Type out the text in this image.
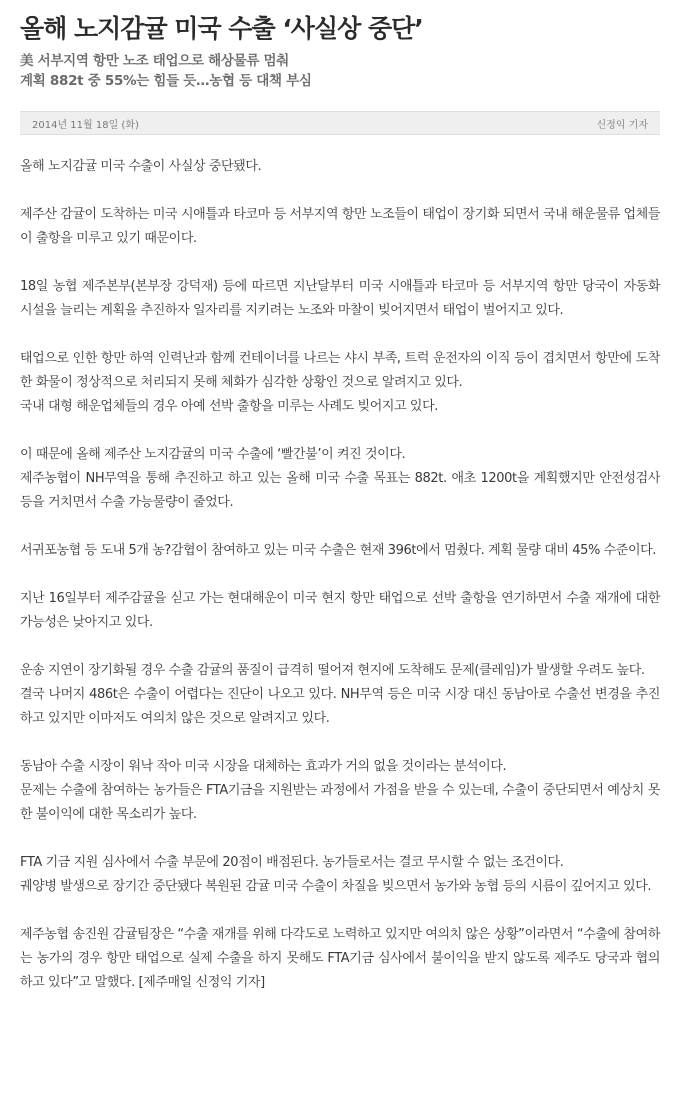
올해 노지감귤 미국 수출 ‘사실상 중단’
美 서부지역 항만 노조 태업으로 해상물류 멈춰
계획 882t 중 55%는 힘들 듯…농협 등 대책 부심
2014년 11월 18일 (화)	신정익 기자

올해 노지감귤 미국 수출이 사실상 중단됐다.

제주산 감귤이 도착하는 미국 시애틀과 타코마 등 서부지역 항만 노조들이 태업이 장기화 되면서 국내 해운물류 업체들이 출항을 미루고 있기 때문이다.

18일 농협 제주본부(본부장 강덕재) 등에 따르면 지난달부터 미국 시애틀과 타코마 등 서부지역 항만 당국이 자동화 시설을 늘리는 계획을 추진하자 일자리를 지키려는 노조와 마찰이 빚어지면서 태업이 벌어지고 있다.

태업으로 인한 항만 하역 인력난과 함께 컨테이너를 나르는 샤시 부족, 트럭 운전자의 이직 등이 겹치면서 항만에 도착한 화물이 정상적으로 처리되지 못해 체화가 심각한 상황인 것으로 알려지고 있다.
국내 대형 해운업체들의 경우 아예 선박 출항을 미루는 사례도 빚어지고 있다.

이 때문에 올해 제주산 노지감귤의 미국 수출에 ‘빨간불’이 켜진 것이다.
제주농협이 NH무역을 통해 추진하고 하고 있는 올해 미국 수출 목표는 882t. 애초 1200t을 계획했지만 안전성검사 등을 거치면서 수출 가능물량이 줄었다.

서귀포농협 등 도내 5개 농?감협이 참여하고 있는 미국 수출은 현재 396t에서 멈췄다. 계획 물량 대비 45% 수준이다.

지난 16일부터 제주감귤을 싣고 가는 현대해운이 미국 현지 항만 태업으로 선박 출항을 연기하면서 수출 재개에 대한 가능성은 낮아지고 있다.

운송 지연이 장기화될 경우 수출 감귤의 품질이 급격히 떨어져 현지에 도착해도 문제(클레임)가 발생할 우려도 높다.
결국 나머지 486t은 수출이 어렵다는 진단이 나오고 있다. NH무역 등은 미국 시장 대신 동남아로 수출선 변경을 추진하고 있지만 이마저도 여의치 않은 것으로 알려지고 있다.

동남아 수출 시장이 워낙 작아 미국 시장을 대체하는 효과가 거의 없을 것이라는 분석이다.
문제는 수출에 참여하는 농가들은 FTA기금을 지원받는 과정에서 가점을 받을 수 있는데, 수출이 중단되면서 예상치 못한 불이익에 대한 목소리가 높다.

FTA 기금 지원 심사에서 수출 부문에 20점이 배점된다. 농가들로서는 결코 무시할 수 없는 조건이다.
궤양병 발생으로 장기간 중단됐다 복원된 감귤 미국 수출이 차질을 빚으면서 농가와 농협 등의 시름이 깊어지고 있다.

제주농협 송진원 감귤팀장은 “수출 재개를 위해 다각도로 노력하고 있지만 여의치 않은 상황”이라면서 “수출에 참여하는 농가의 경우 항만 태업으로 실제 수출을 하지 못해도 FTA기금 심사에서 불이익을 받지 않도록 제주도 당국과 협의하고 있다”고 말했다. [제주매일 신정익 기자]
